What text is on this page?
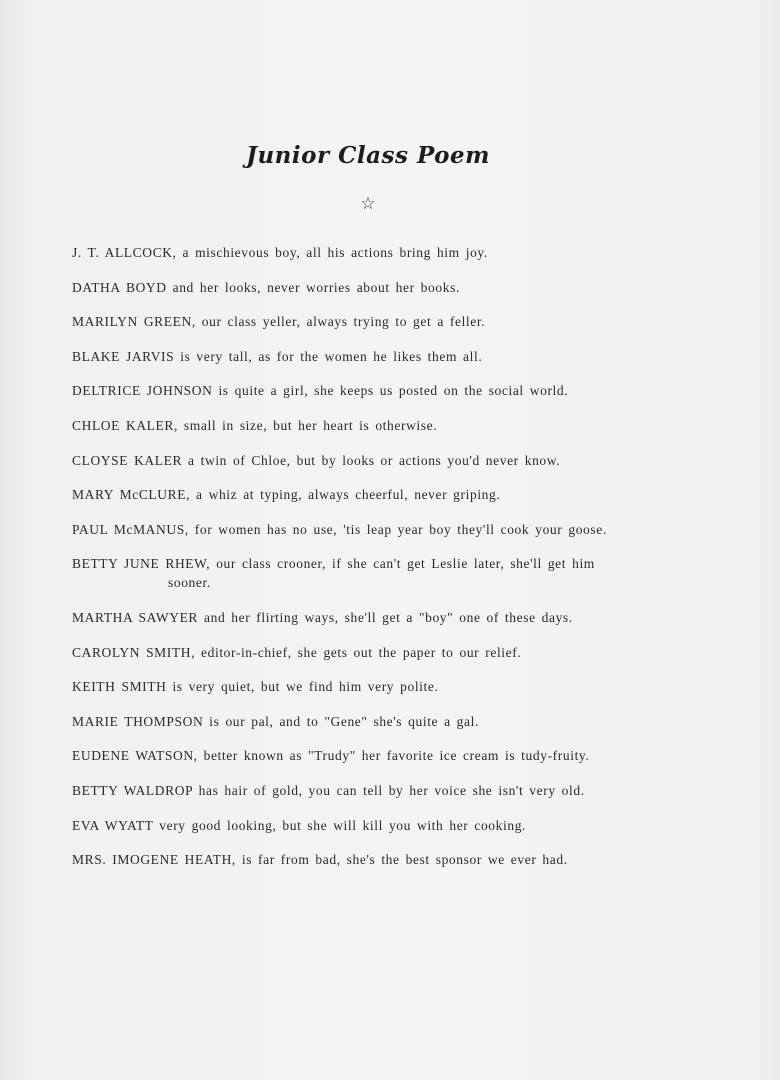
Junior Class Poem
☆
J. T. ALLCOCK, a mischievous boy, all his actions bring him joy.
DATHA BOYD and her looks, never worries about her books.
MARILYN GREEN, our class yeller, always trying to get a feller.
BLAKE JARVIS is very tall, as for the women he likes them all.
DELTRICE JOHNSON is quite a girl, she keeps us posted on the social world.
CHLOE KALER, small in size, but her heart is otherwise.
CLOYSE KALER a twin of Chloe, but by looks or actions you'd never know.
MARY McCLURE, a whiz at typing, always cheerful, never griping.
PAUL McMANUS, for women has no use, 'tis leap year boy they'll cook your goose.
BETTY JUNE RHEW, our class crooner, if she can't get Leslie later, she'll get him
sooner.
MARTHA SAWYER and her flirting ways, she'll get a "boy" one of these days.
CAROLYN SMITH, editor-in-chief, she gets out the paper to our relief.
KEITH SMITH is very quiet, but we find him very polite.
MARIE THOMPSON is our pal, and to "Gene" she's quite a gal.
EUDENE WATSON, better known as "Trudy" her favorite ice cream is tudy-fruity.
BETTY WALDROP has hair of gold, you can tell by her voice she isn't very old.
EVA WYATT very good looking, but she will kill you with her cooking.
MRS. IMOGENE HEATH, is far from bad, she's the best sponsor we ever had.
